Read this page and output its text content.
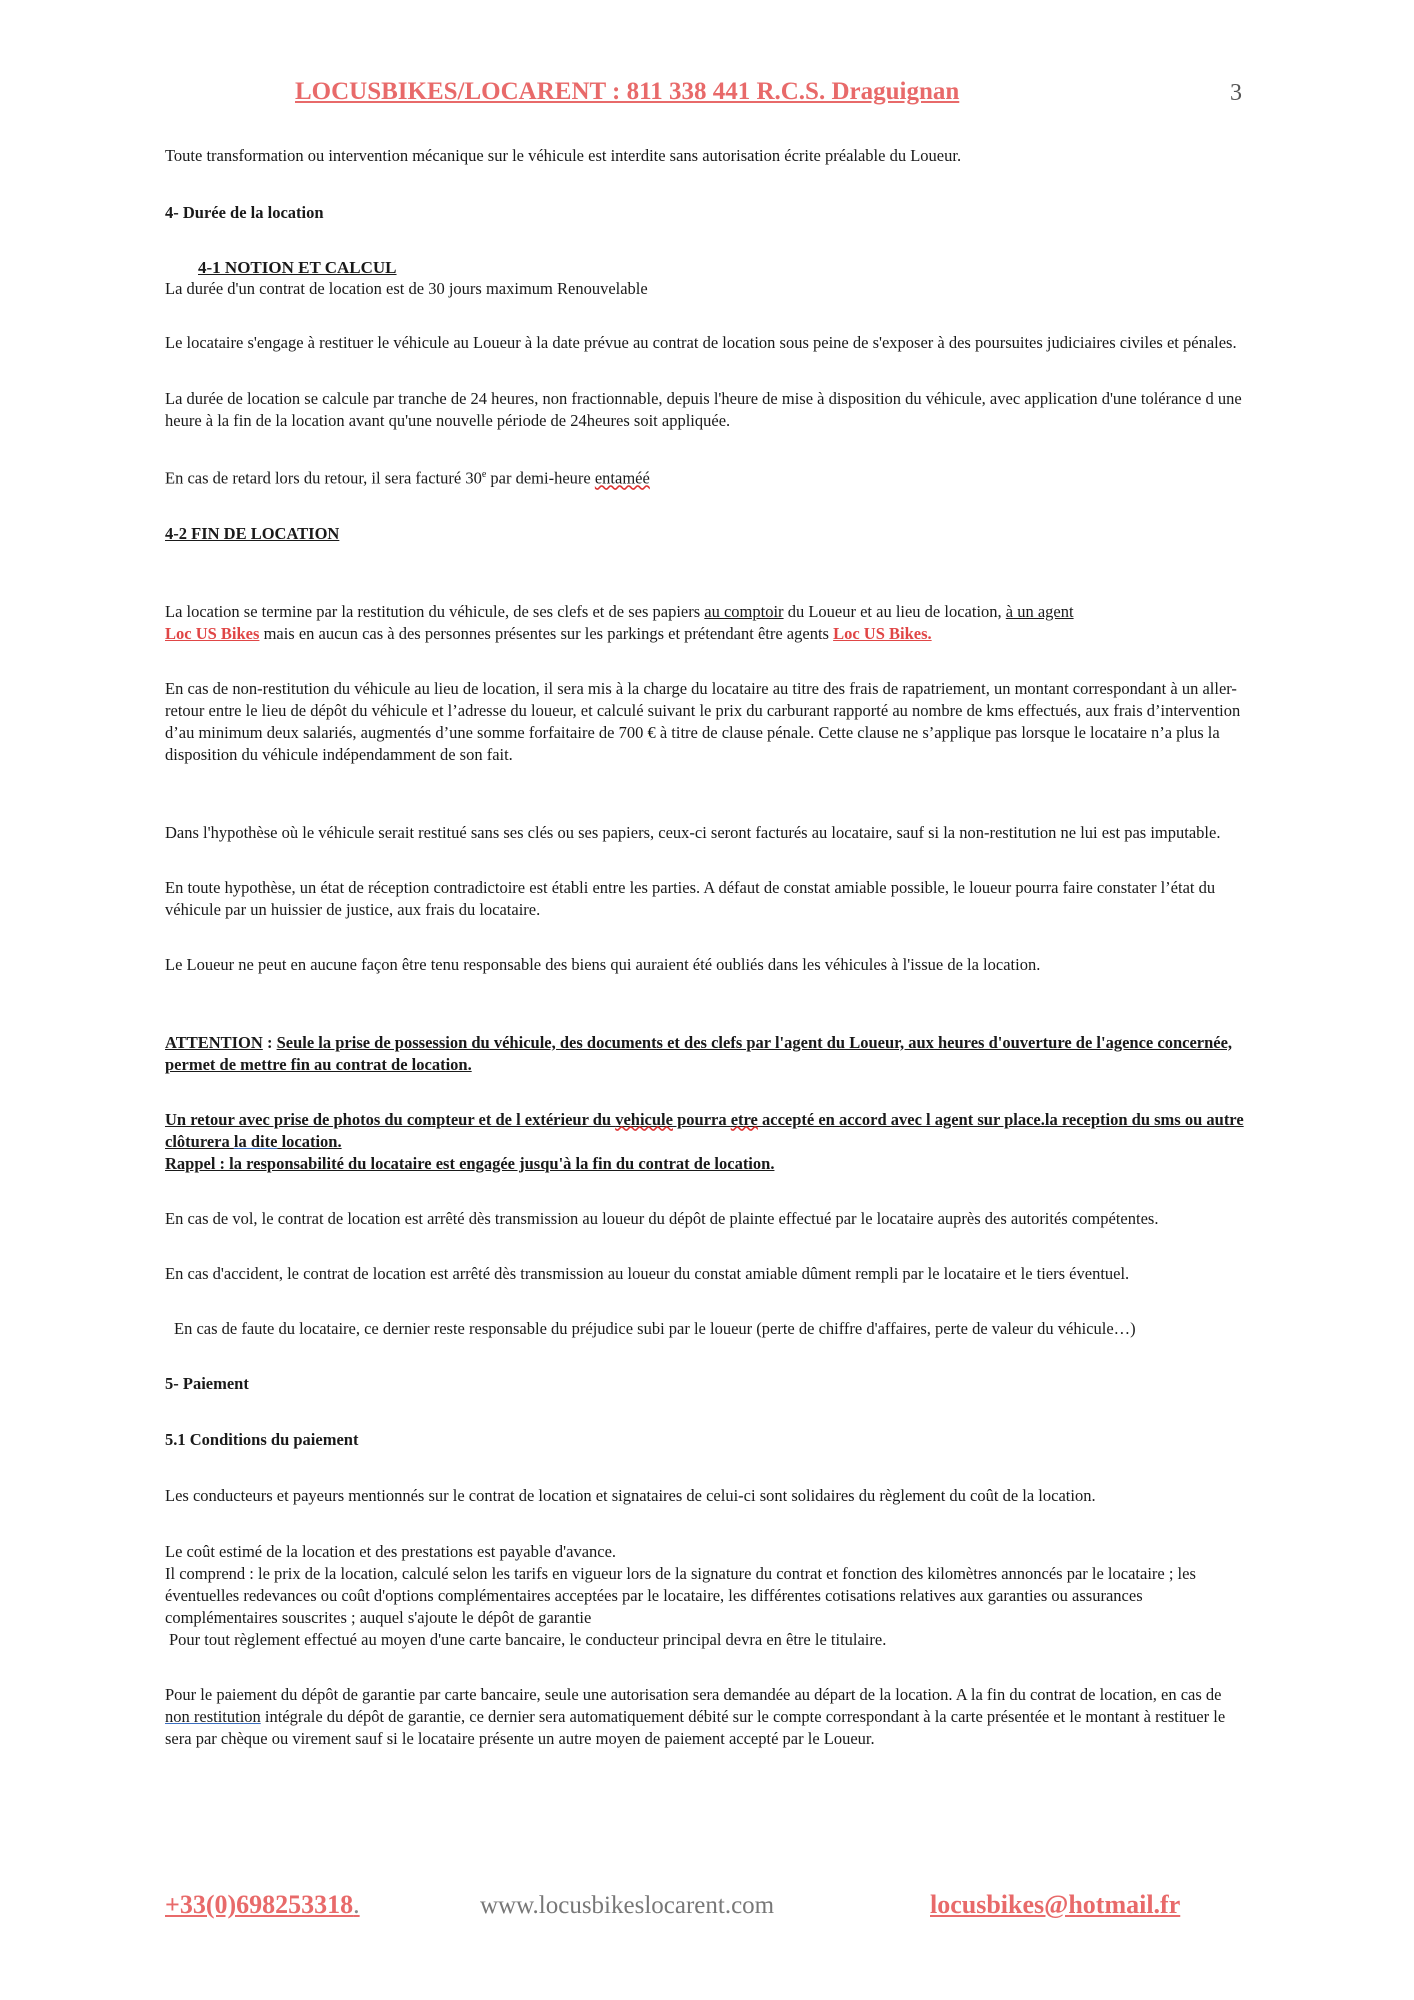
LOCUSBIKES/LOCARENT : 811 338 441 R.C.S. Draguignan	3

Toute transformation ou intervention mécanique sur le véhicule est interdite sans autorisation écrite préalable du Loueur.

4- Durée de la location
4-1 NOTION ET CALCUL

La durée d'un contrat de location est de 30 jours maximum Renouvelable

Le locataire s'engage à restituer le véhicule au Loueur à la date prévue au contrat de location sous peine de s'exposer à des poursuites judiciaires civiles et pénales.

La durée de location se calcule par tranche de 24 heures, non fractionnable, depuis l'heure de mise à disposition du véhicule, avec application d'une tolérance d une heure à la fin de la location avant qu'une nouvelle période de 24heures soit appliquée.

En cas de retard lors du retour, il sera facturé 30e par demi-heure entaméé

4-2 FIN DE LOCATION

La location se termine par la restitution du véhicule, de ses clefs et de ses papiers au comptoir du Loueur et au lieu de location, à un agent
Loc US Bikes mais en aucun cas à des personnes présentes sur les parkings et prétendant être agents Loc US Bikes.

En cas de non-restitution du véhicule au lieu de location, il sera mis à la charge du locataire au titre des frais de rapatriement, un montant correspondant à un aller-retour entre le lieu de dépôt du véhicule et l’adresse du loueur, et calculé suivant le prix du carburant rapporté au nombre de kms effectués, aux frais d’intervention d’au minimum deux salariés, augmentés d’une somme forfaitaire de 700 € à titre de clause pénale. Cette clause ne s’applique pas lorsque le locataire n’a plus la disposition du véhicule indépendamment de son fait.

Dans l'hypothèse où le véhicule serait restitué sans ses clés ou ses papiers, ceux-ci seront facturés au locataire, sauf si la non-restitution ne lui est pas imputable.

En toute hypothèse, un état de réception contradictoire est établi entre les parties. A défaut de constat amiable possible, le loueur pourra faire constater l’état du véhicule par un huissier de justice, aux frais du locataire.

Le Loueur ne peut en aucune façon être tenu responsable des biens qui auraient été oubliés dans les véhicules à l'issue de la location.

ATTENTION : Seule la prise de possession du véhicule, des documents et des clefs par l'agent du Loueur, aux heures d'ouverture de l'agence concernée, permet de mettre fin au contrat de location.

Un retour avec prise de photos du compteur et de l extérieur du vehicule pourra etre accepté en accord avec l agent sur place.la reception du sms ou autre clôturera la dite location.

Rappel : la responsabilité du locataire est engagée jusqu'à la fin du contrat de location.

En cas de vol, le contrat de location est arrêté dès transmission au loueur du dépôt de plainte effectué par le locataire auprès des autorités compétentes.

En cas d'accident, le contrat de location est arrêté dès transmission au loueur du constat amiable dûment rempli par le locataire et le tiers éventuel.

En cas de faute du locataire, ce dernier reste responsable du préjudice subi par le loueur (perte de chiffre d'affaires, perte de valeur du véhicule…)

5- Paiement
5.1 Conditions du paiement

Les conducteurs et payeurs mentionnés sur le contrat de location et signataires de celui-ci sont solidaires du règlement du coût de la location.

Le coût estimé de la location et des prestations est payable d'avance.

Il comprend : le prix de la location, calculé selon les tarifs en vigueur lors de la signature du contrat et fonction des kilomètres annoncés par le locataire ; les éventuelles redevances ou coût d'options complémentaires acceptées par le locataire, les différentes cotisations relatives aux garanties ou assurances complémentaires souscrites ; auquel s'ajoute le dépôt de garantie

Pour tout règlement effectué au moyen d'une carte bancaire, le conducteur principal devra en être le titulaire.

Pour le paiement du dépôt de garantie par carte bancaire, seule une autorisation sera demandée au départ de la location. A la fin du contrat de location, en cas de non restitution intégrale du dépôt de garantie, ce dernier sera automatiquement débité sur le compte correspondant à la carte présentée et le montant à restituer le sera par chèque ou virement sauf si le locataire présente un autre moyen de paiement accepté par le Loueur.

+33(0)698253318.	www.locusbikeslocarent.com	locusbikes@hotmail.fr
